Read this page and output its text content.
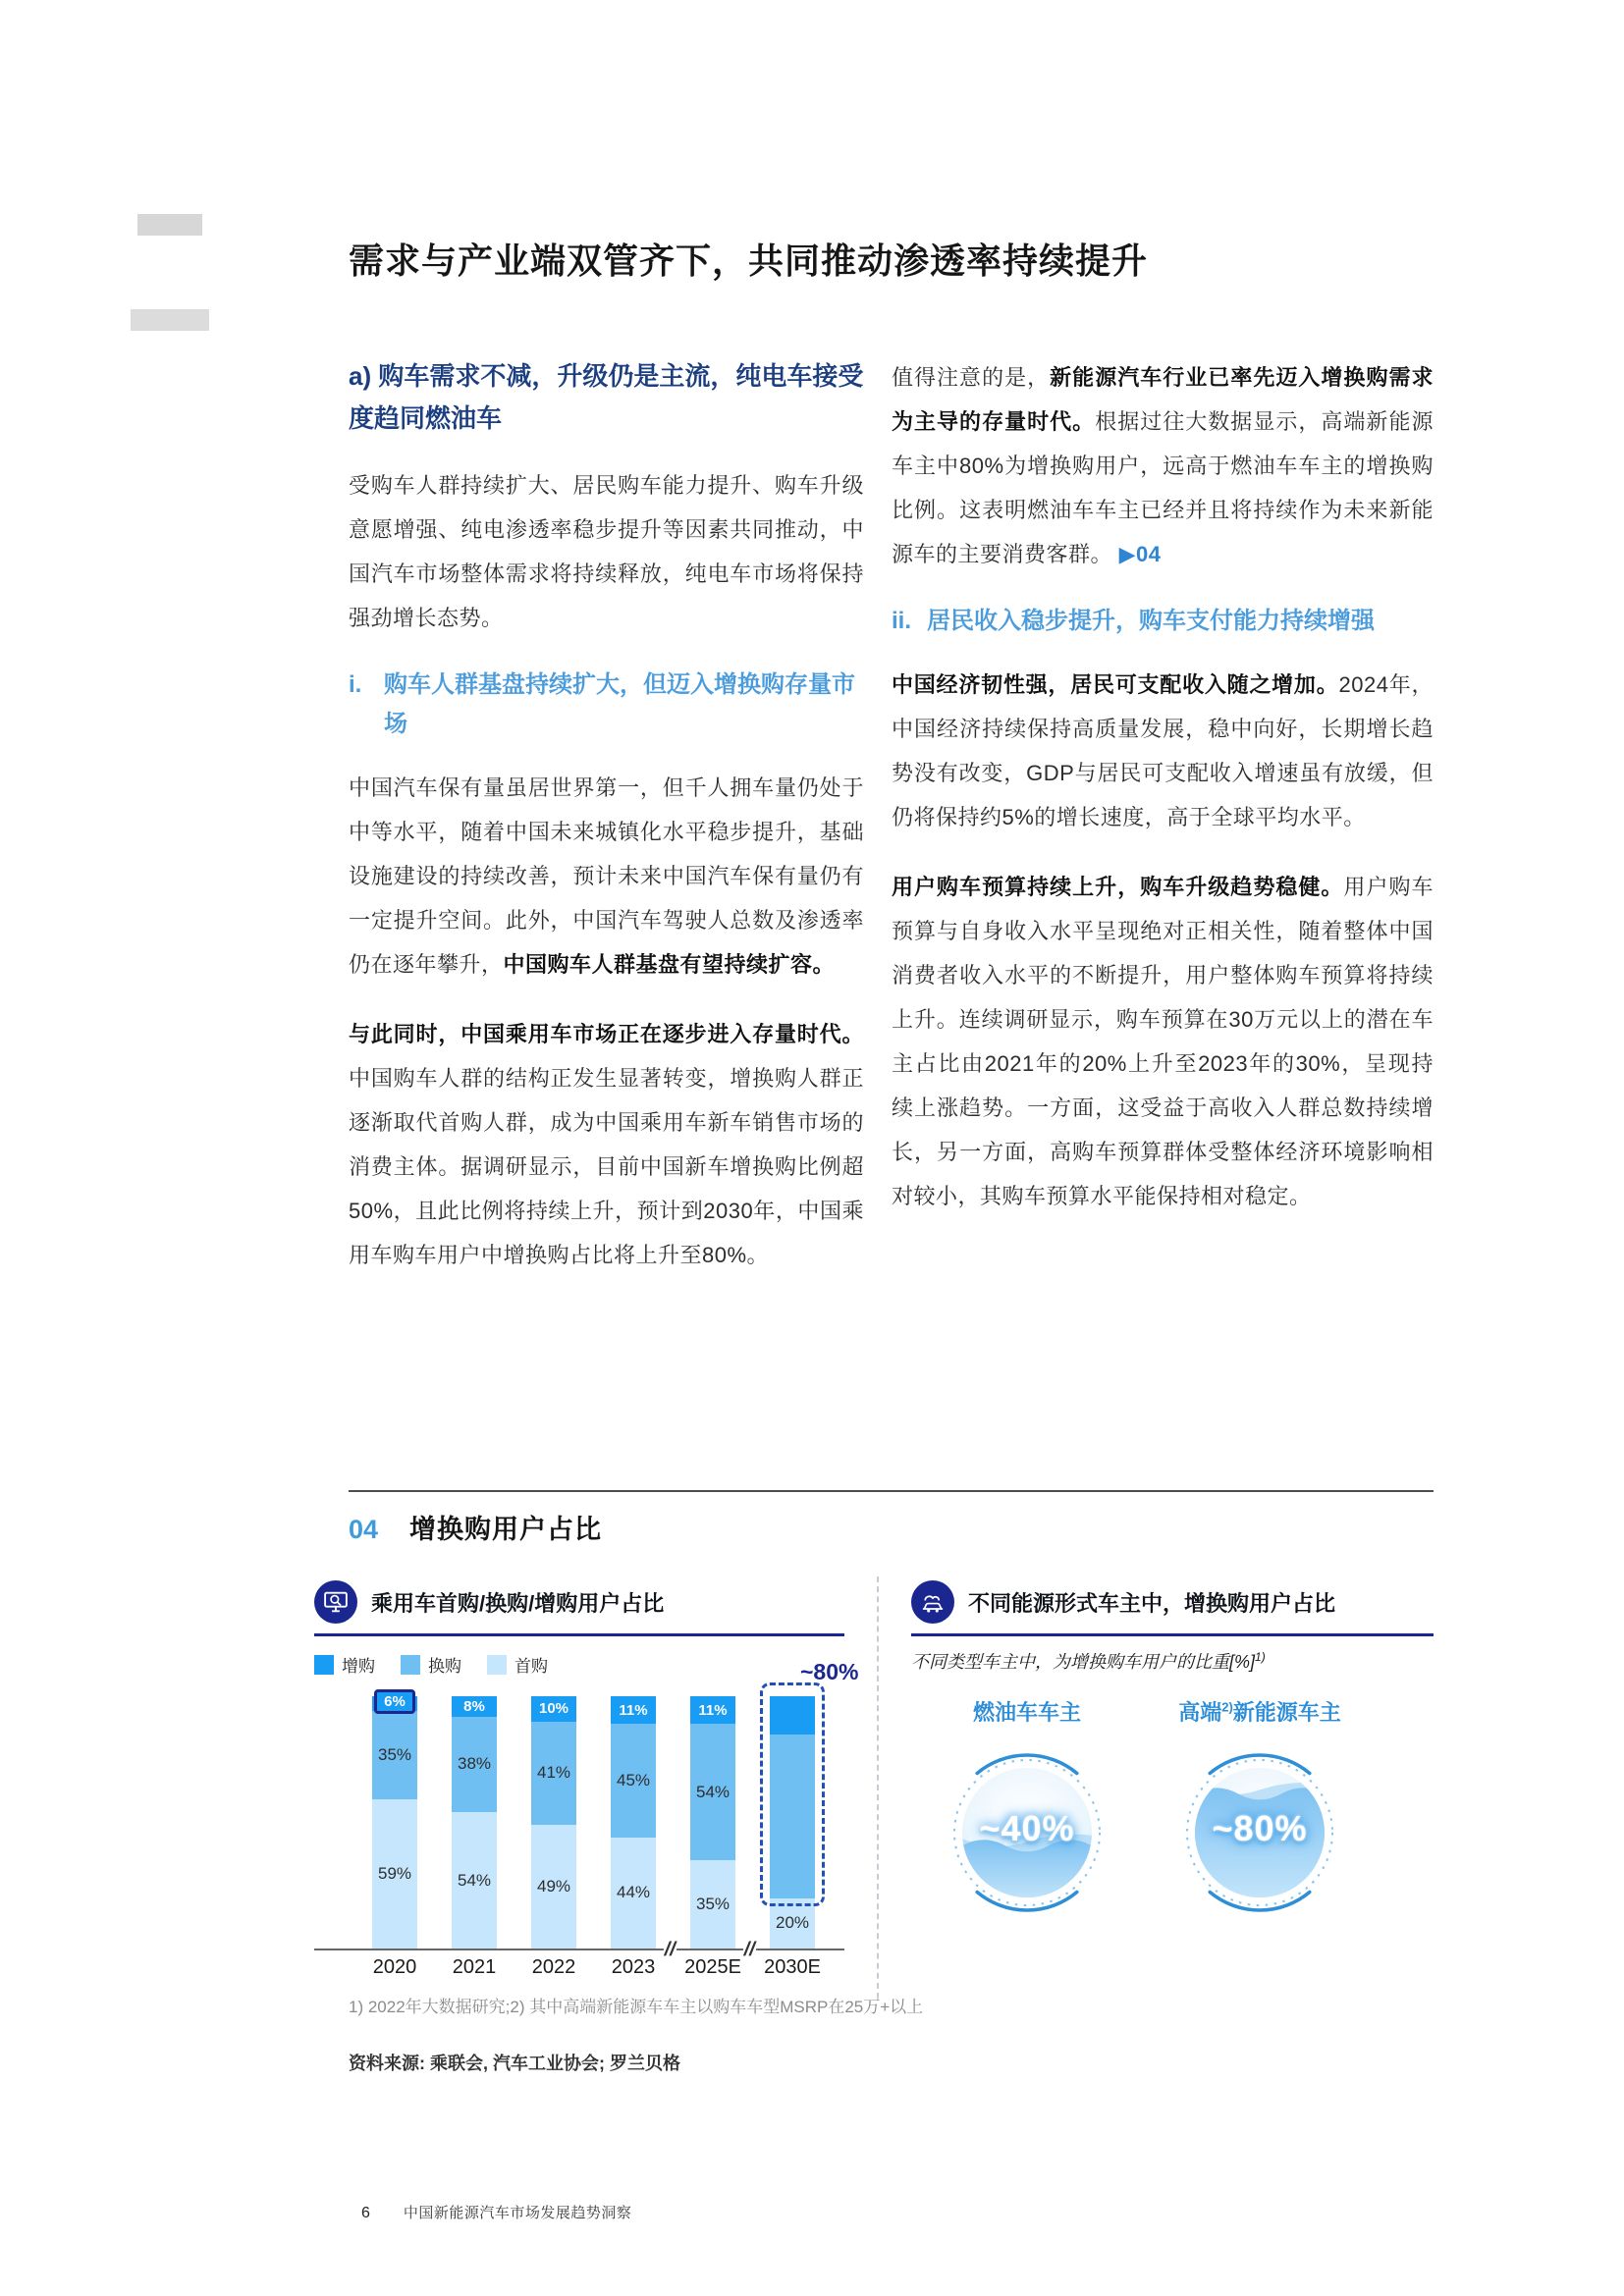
需求与产业端双管齐下，共同推动渗透率持续提升
a) 购车需求不减，升级仍是主流，纯电车接受度趋同燃油车

受购车人群持续扩大、居民购车能力提升、购车升级意愿增强、纯电渗透率稳步提升等因素共同推动，中国汽车市场整体需求将持续释放，纯电车市场将保持强劲增长态势。

i. 购车人群基盘持续扩大，但迈入增换购存量市场

中国汽车保有量虽居世界第一，但千人拥车量仍处于中等水平，随着中国未来城镇化水平稳步提升，基础设施建设的持续改善，预计未来中国汽车保有量仍有一定提升空间。此外，中国汽车驾驶人总数及渗透率仍在逐年攀升，中国购车人群基盘有望持续扩容。

与此同时，中国乘用车市场正在逐步进入存量时代。中国购车人群的结构正发生显著转变，增换购人群正逐渐取代首购人群，成为中国乘用车新车销售市场的消费主体。据调研显示，目前中国新车增换购比例超50%，且此比例将持续上升，预计到2030年，中国乘用车购车用户中增换购占比将上升至80%。

值得注意的是，新能源汽车行业已率先迈入增换购需求为主导的存量时代。根据过往大数据显示，高端新能源车主中80%为增换购用户，远高于燃油车车主的增换购比例。这表明燃油车车主已经并且将持续作为未来新能源车的主要消费客群。 ▶04

ii. 居民收入稳步提升，购车支付能力持续增强

中国经济韧性强，居民可支配收入随之增加。2024年，中国经济持续保持高质量发展，稳中向好，长期增长趋势没有改变，GDP与居民可支配收入增速虽有放缓，但仍将保持约5%的增长速度，高于全球平均水平。

用户购车预算持续上升，购车升级趋势稳健。用户购车预算与自身收入水平呈现绝对正相关性，随着整体中国消费者收入水平的不断提升，用户整体购车预算将持续上升。连续调研显示，购车预算在30万元以上的潜在车主占比由2021年的20%上升至2023年的30%，呈现持续上涨趋势。一方面，这受益于高收入人群总数持续增长，另一方面，高购车预算群体受整体经济环境影响相对较小，其购车预算水平能保持相对稳定。

04 增换购用户占比
乘用车首购/换购/增购用户占比
增购	换购	首购
6%
35%
59%
2020
8%
38%
54%
2021
10%
41%
49%
2022
11%
45%
44%
2023
11%
54%
35%
2025E
20%
~80%
2030E
//	//
不同能源形式车主中，增换购用户占比
不同类型车主中，为增换购车用户的比重[%]$^{1)}$
燃油车车主	高端$^{2)}$新能源车主
~40%	~80%
1) 2022年大数据研究;2) 其中高端新能源车车主以购车车型MSRP在25万+以上
资料来源: 乘联会, 汽车工业协会; 罗兰贝格
6 中国新能源汽车市场发展趋势洞察
